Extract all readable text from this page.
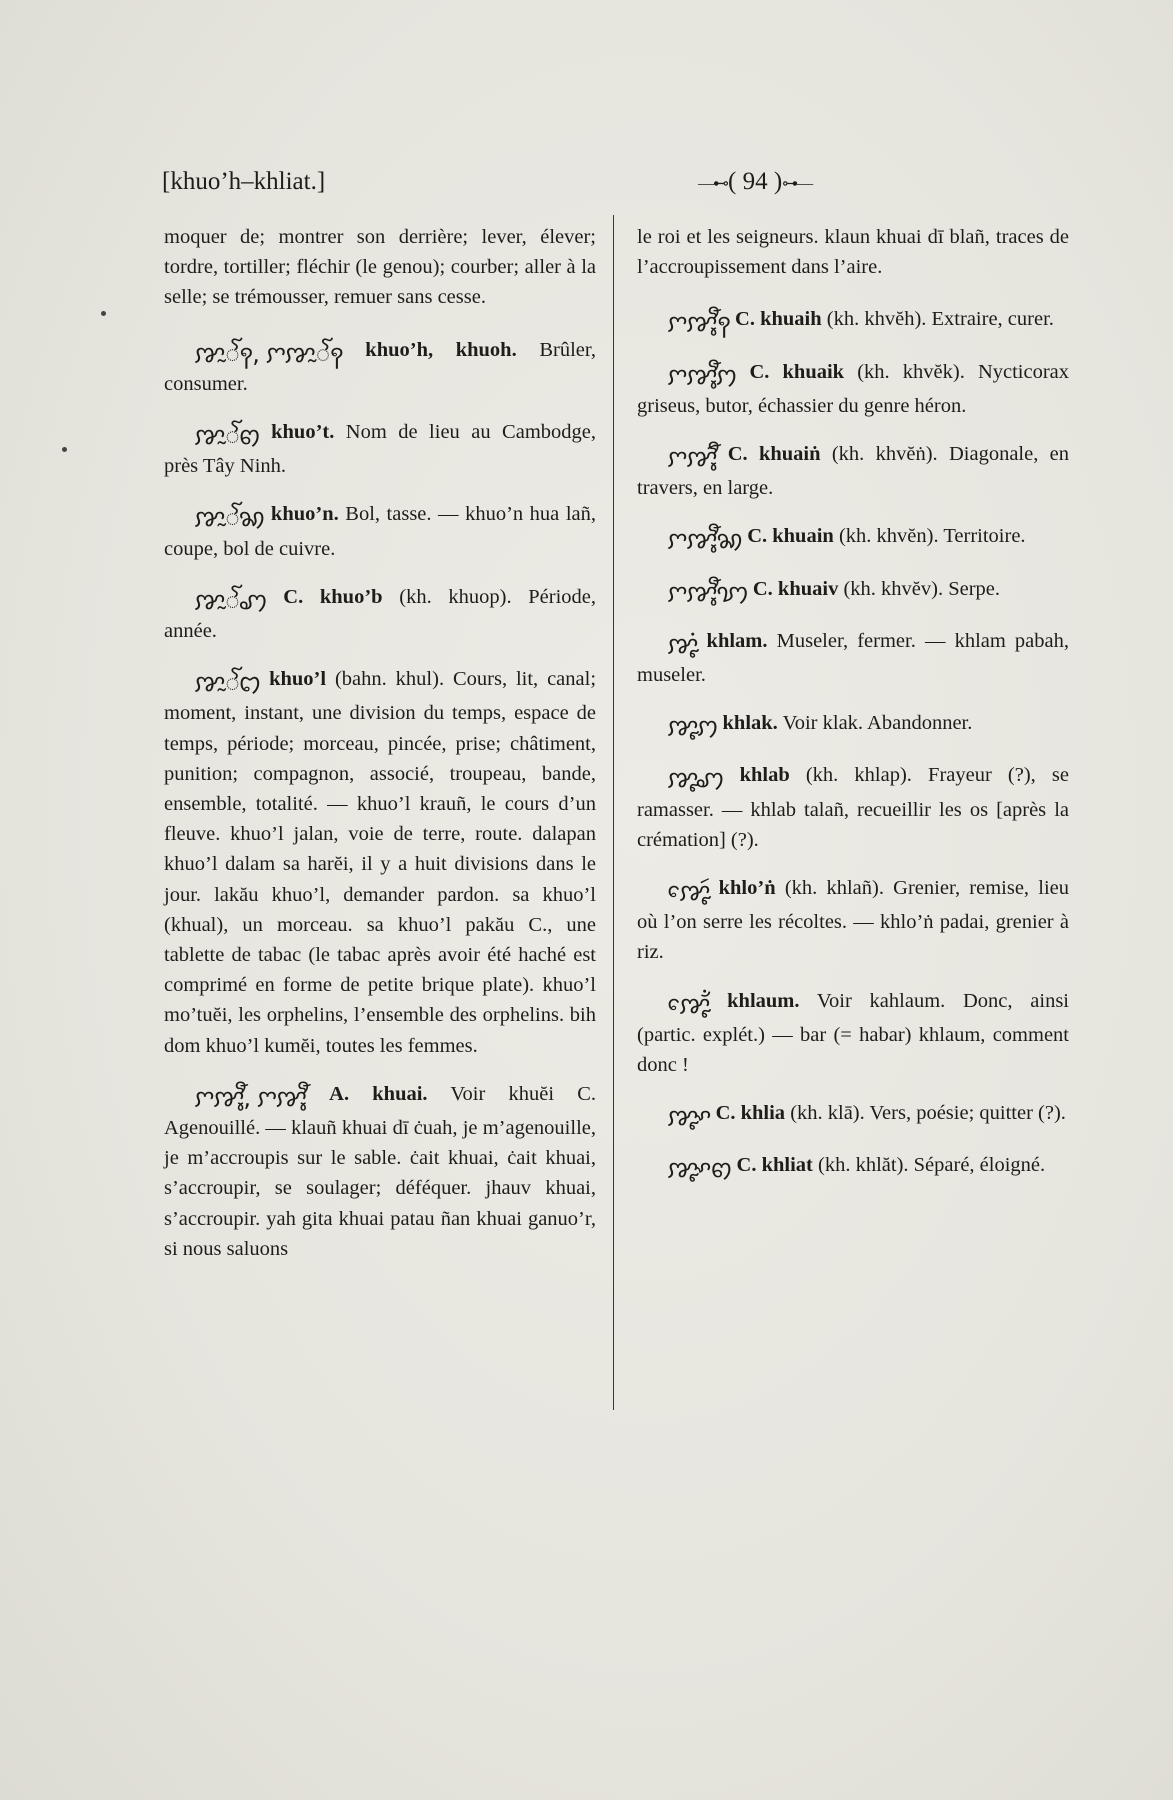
[khuo’h–khliat.]	—⊷( 94 )⊶—

moquer de; montrer son derrière; lever, élever; tordre, tortiller; fléchir (le genou); courber; aller à la selle; se trémousser, remuer sans cesse.

ꨇꨭꨱꩍ, ꨆꨇꨭꨱꩍ khuo’h, khuoh. Brûler, consumer.

ꨇꨭꨱꩅ khuo’t. Nom de lieu au Cambodge, près Tây Ninh.

ꨇꨭꨱꩆ khuo’n. Bol, tasse. — khuo’n hua lañ, coupe, bol de cuivre.

ꨇꨭꨱꩇ C. khuo’b (kh. khuop). Période, année.

ꨇꨭꨱꩊ khuo’l (bahn. khul). Cours, lit, canal; moment, instant, une division du temps, espace de temps, période; morceau, pincée, prise; châtiment, punition; compagnon, associé, troupeau, bande, ensemble, totalité. — khuo’l krauñ, le cours d’un fleuve. khuo’l jalan, voie de terre, route. dalapan khuo’l dalam sa harĕi, il y a huit divisions dans le jour. lakău khuo’l, demander pardon. sa khuo’l (khual), un morceau. sa khuo’l pakău C., une tablette de tabac (le tabac après avoir été haché est comprimé en forme de petite brique plate). khuo’l mo’tuĕi, les orphelins, l’ensemble des orphelins. bih dom khuo’l kumĕi, toutes les femmes.

ꨆꨇꨶꨬ, ꨆꨇꨶꨬ A. khuai. Voir khuĕi C. Agenouillé. — klauñ khuai dī ċuah, je m’agenouille, je m’accroupis sur le sable. ċait khuai, ċait khuai, s’accroupir, se soulager; déféquer. jhauv khuai, s’accroupir. yah gita khuai patau ñan khuai ganuo’r, si nous saluons

le roi et les seigneurs. klaun khuai dī blañ, traces de l’accroupissement dans l’aire.

ꨆꨇꨶꨬꩍ C. khuaih (kh. khvĕh). Extraire, curer.

ꨆꨇꨶꨬꩀ C. khuaik (kh. khvĕk). Nycticorax griseus, butor, échassier du genre héron.

ꨆꨇꨶꨬꩃ C. khuaiṅ (kh. khvĕṅ). Diagonale, en travers, en large.

ꨆꨇꨶꨬꩆ C. khuain (kh. khvĕn). Territoire.

ꨆꨇꨶꨬꩈ C. khuaiv (kh. khvĕv). Serpe.

ꨇꨵꩌ khlam. Museler, fermer. — khlam pabah, museler.

ꨇꨵꩀ khlak. Voir klak. Abandonner.

ꨇꨵꩇ khlab (kh. khlap). Frayeur (?), se ramasser. — khlab talañ, recueillir les os [après la crémation] (?).

ꨇꨵꨯꩃ khlo’ṅ (kh. khlañ). Grenier, remise, lieu où l’on serre les récoltes. — khlo’ṅ padai, grenier à riz.

ꨇꨵꨯꨮꩌ khlaum. Voir kahlaum. Donc, ainsi (partic. explét.) — bar (= habar) khlaum, comment donc !

ꨇꨵꨳ C. khlia (kh. klā). Vers, poésie; quitter (?).

ꨇꨵꨳꩅ C. khliat (kh. khlăt). Séparé, éloigné.
